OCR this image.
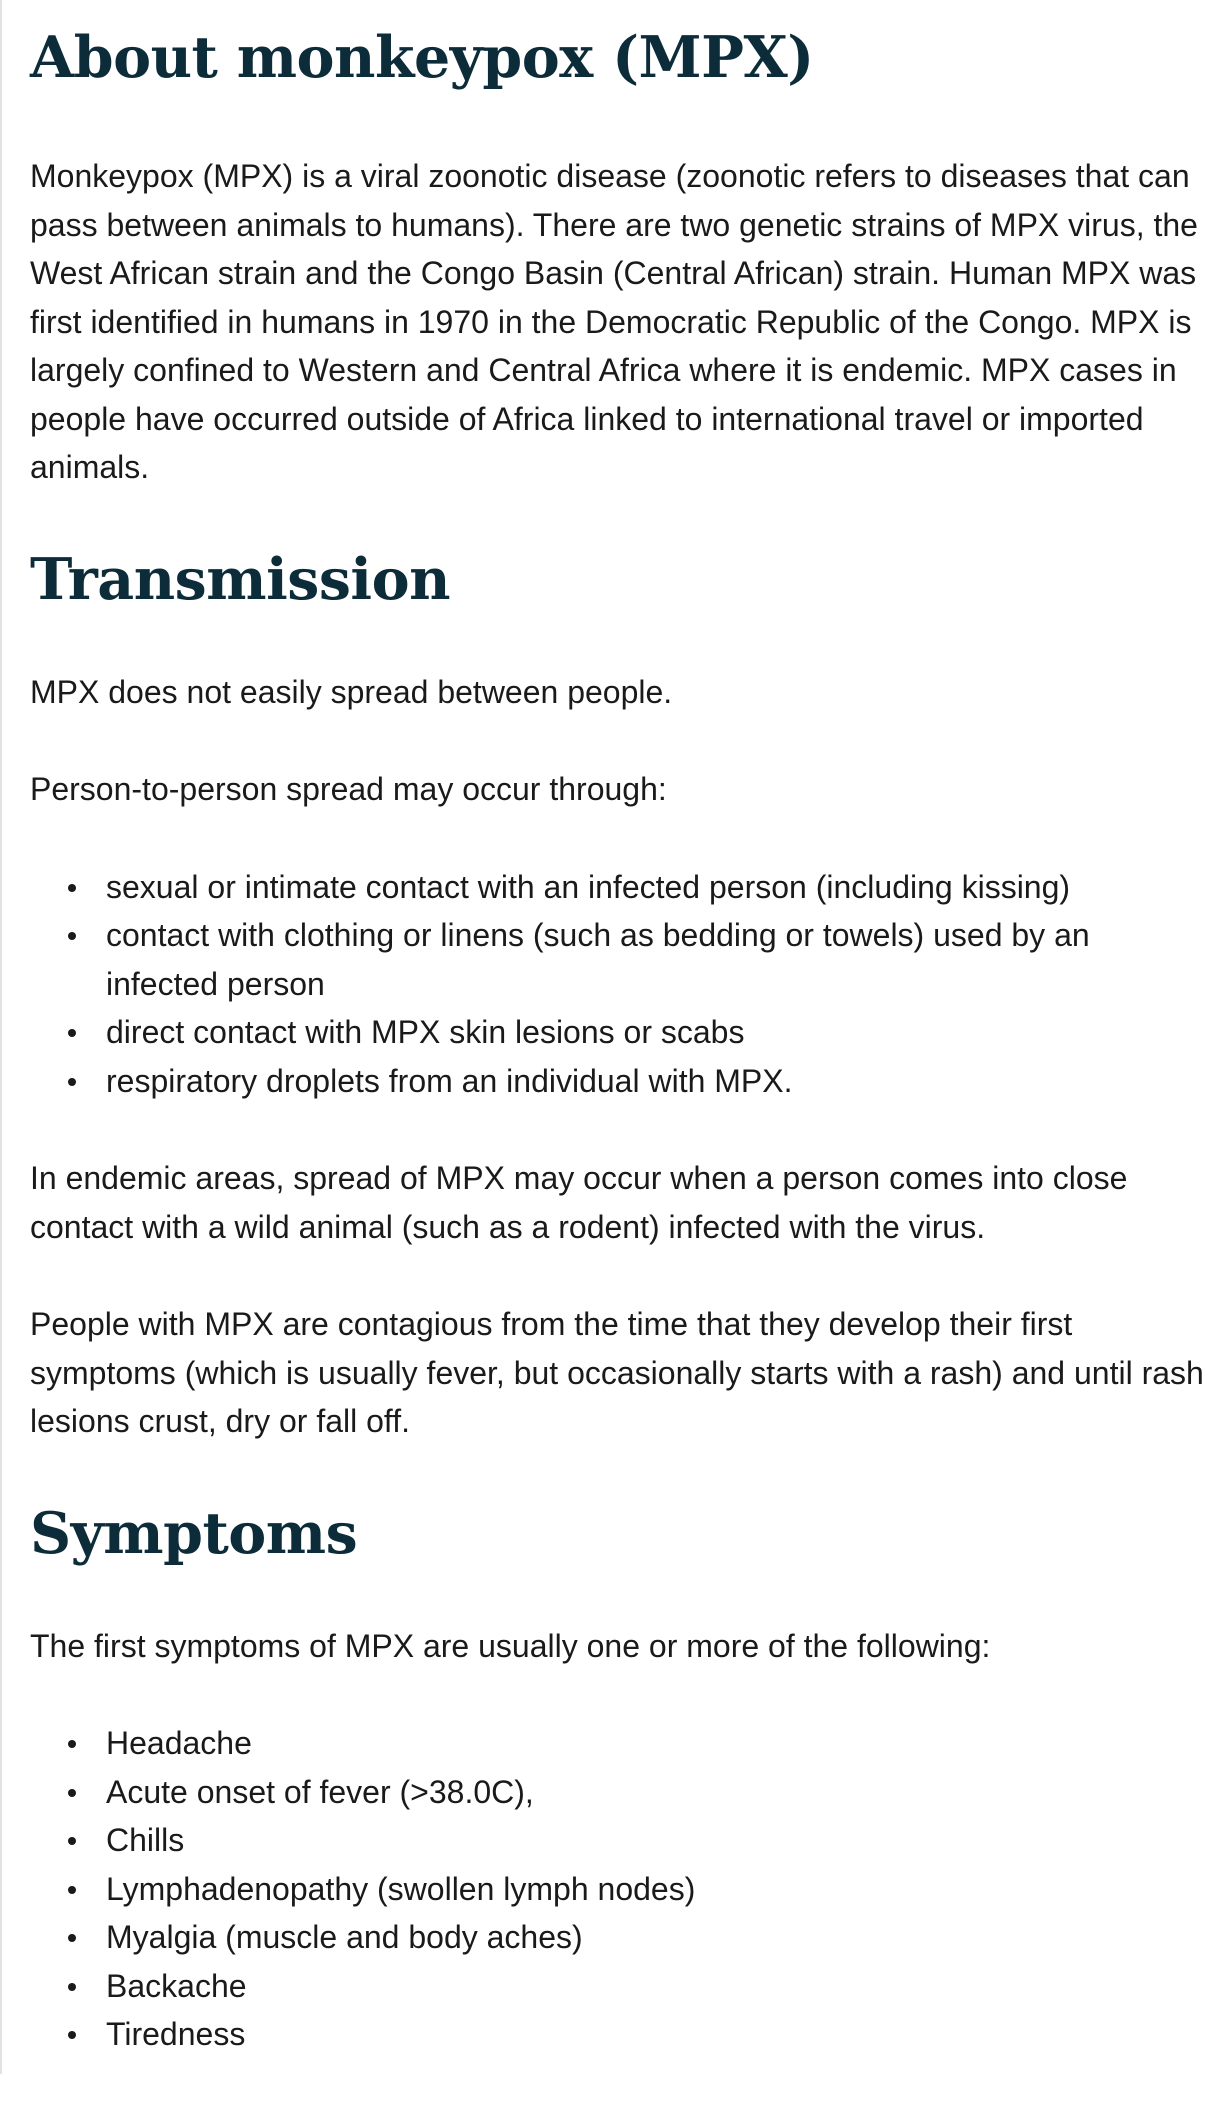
About monkeypox (MPX)

Monkeypox (MPX) is a viral zoonotic disease (zoonotic refers to diseases that can pass between animals to humans). There are two genetic strains of MPX virus, the West African strain and the Congo Basin (Central African) strain. Human MPX was first identified in humans in 1970 in the Democratic Republic of the Congo. MPX is largely confined to Western and Central Africa where it is endemic. MPX cases in people have occurred outside of Africa linked to international travel or imported animals.

Transmission

MPX does not easily spread between people.

Person-to-person spread may occur through:

sexual or intimate contact with an infected person (including kissing)
contact with clothing or linens (such as bedding or towels) used by an infected person
direct contact with MPX skin lesions or scabs
respiratory droplets from an individual with MPX.

In endemic areas, spread of MPX may occur when a person comes into close contact with a wild animal (such as a rodent) infected with the virus.

People with MPX are contagious from the time that they develop their first symptoms (which is usually fever, but occasionally starts with a rash) and until rash lesions crust, dry or fall off.

Symptoms

The first symptoms of MPX are usually one or more of the following:

Headache
Acute onset of fever (>38.0C),
Chills
Lymphadenopathy (swollen lymph nodes)
Myalgia (muscle and body aches)
Backache
Tiredness
